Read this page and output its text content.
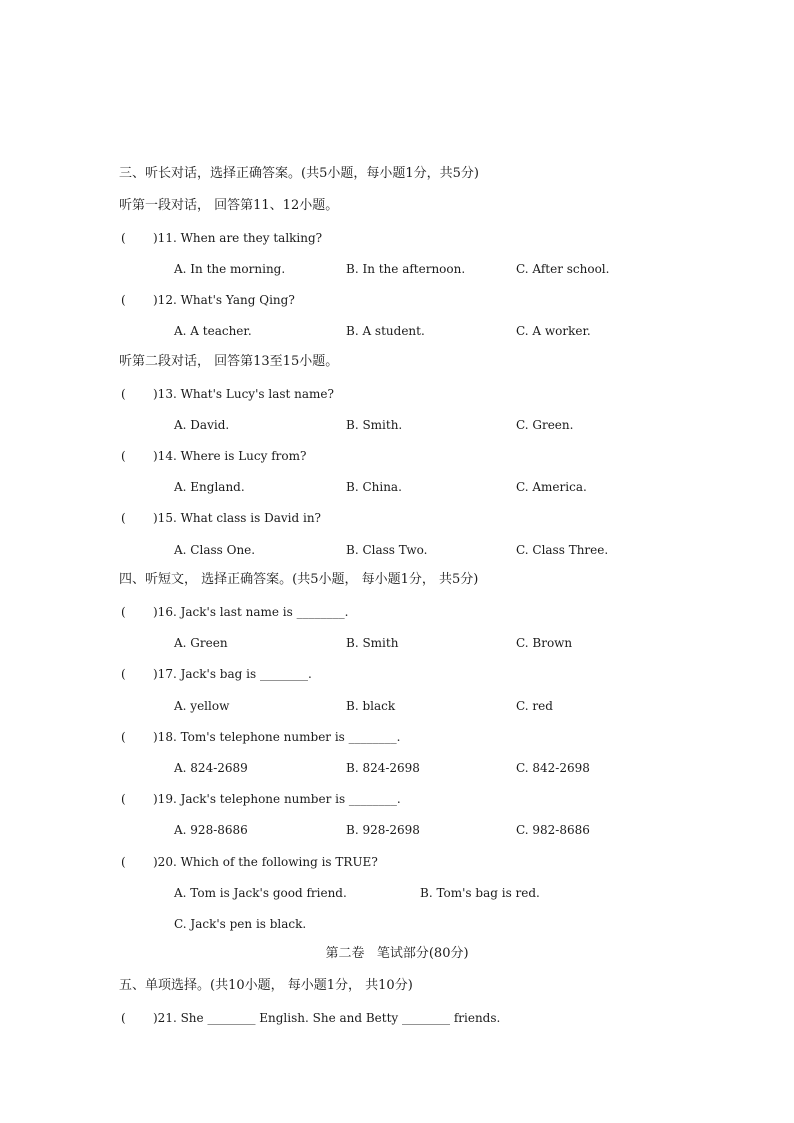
三、听长对话，选择正确答案。(共5小题，每小题1分，共5分)
听第一段对话， 回答第11、12小题。
( )11. When are they talking?
A. In the morning.	B. In the afternoon.	C. After school.
( )12. What's Yang Qing?
A. A teacher.	B. A student.	C. A worker.
听第二段对话， 回答第13至15小题。
( )13. What's Lucy's last name?
A. David.	B. Smith.	C. Green.
( )14. Where is Lucy from?
A. England.	B. China.	C. America.
( )15. What class is David in?
A. Class One.	B. Class Two.	C. Class Three.
四、听短文， 选择正确答案。(共5小题， 每小题1分， 共5分)
( )16. Jack's last name is ________.
A. Green	B. Smith	C. Brown
( )17. Jack's bag is ________.
A. yellow	B. black	C. red
( )18. Tom's telephone number is ________.
A. 824-2689	B. 824-2698	C. 842-2698
( )19. Jack's telephone number is ________.
A. 928-8686	B. 928-2698	C. 982-8686
( )20. Which of the following is TRUE?
A. Tom is Jack's good friend.	B. Tom's bag is red.
C. Jack's pen is black.
第二卷   笔试部分(80分)
五、单项选择。(共10小题， 每小题1分， 共10分)
( )21. She ________ English. She and Betty ________ friends.
